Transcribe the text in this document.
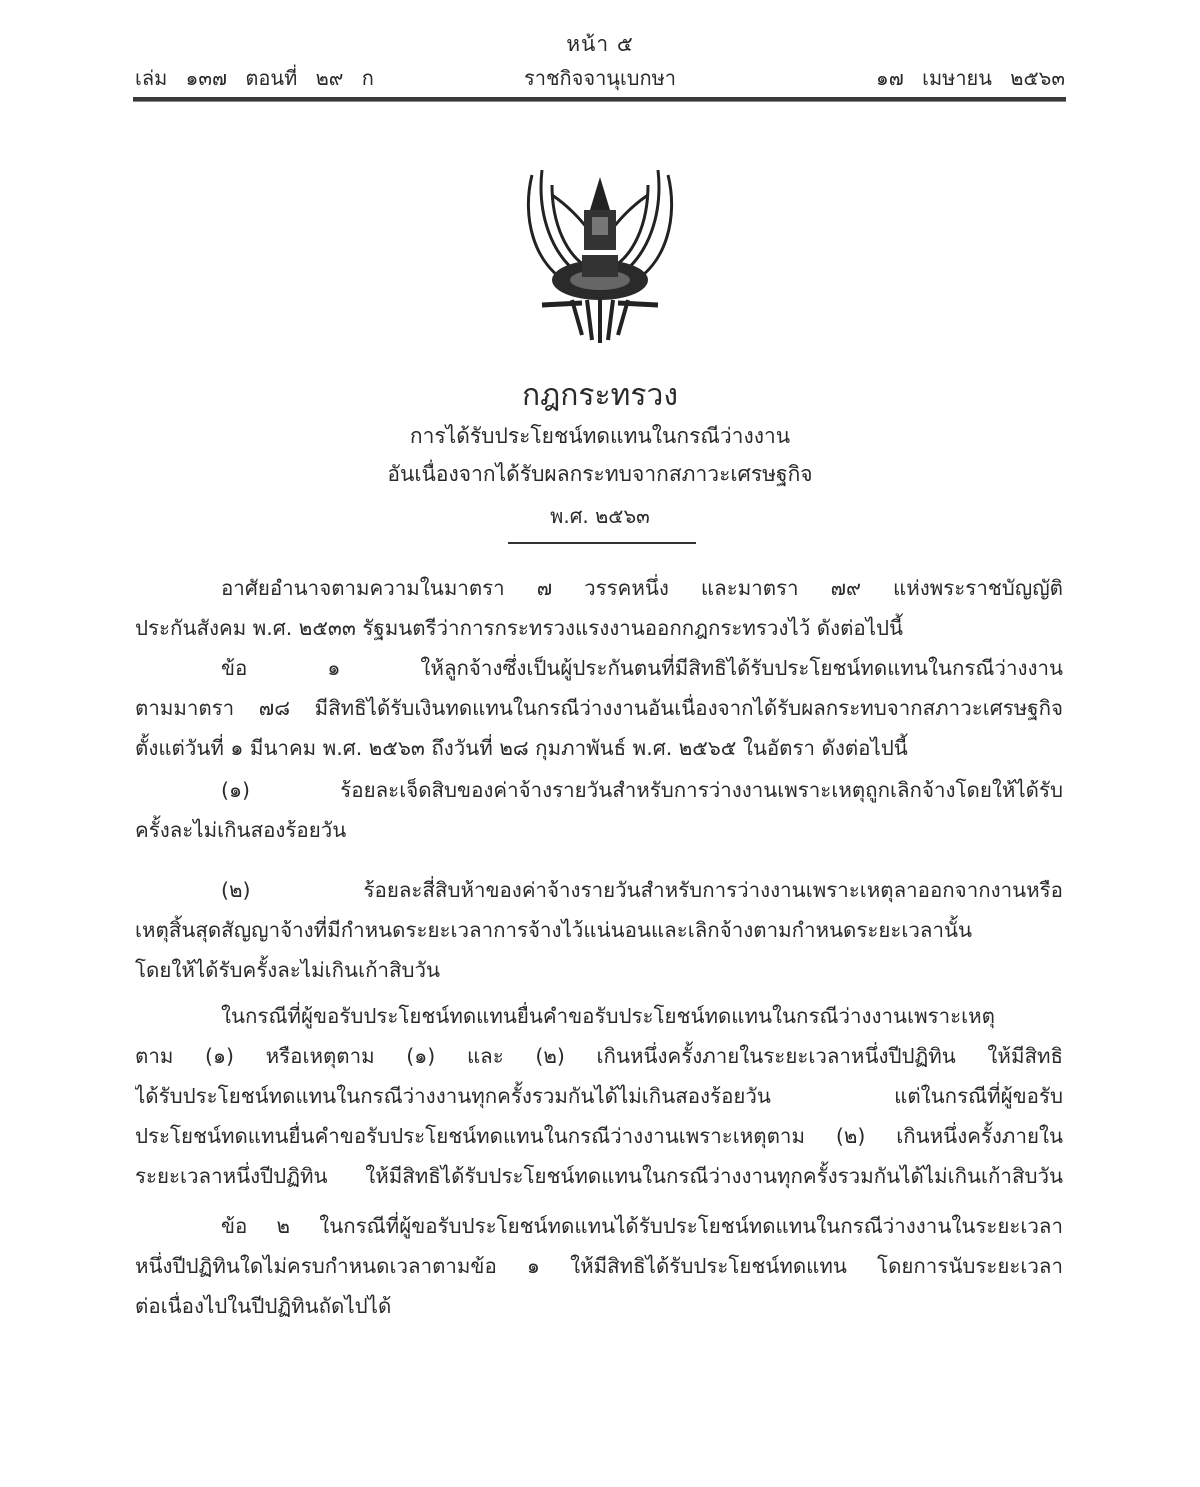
หน้า ๕
เล่ม ๑๓๗ ตอนที่ ๒๙ ก	ราชกิจจานุเบกษา	๑๗ เมษายน ๒๕๖๓
กฎกระทรวง
การได้รับประโยชน์ทดแทนในกรณีว่างงาน
อันเนื่องจากได้รับผลกระทบจากสภาวะเศรษฐกิจ
พ.ศ. ๒๕๖๓
อาศัยอำนาจตามความในมาตรา ๗ วรรคหนึ่ง และมาตรา ๗๙ แห่งพระราชบัญญัติ
ประกันสังคม พ.ศ. ๒๕๓๓ รัฐมนตรีว่าการกระทรวงแรงงานออกกฎกระทรวงไว้ ดังต่อไปนี้
ข้อ ๑ ให้ลูกจ้างซึ่งเป็นผู้ประกันตนที่มีสิทธิได้รับประโยชน์ทดแทนในกรณีว่างงาน
ตามมาตรา ๗๘ มีสิทธิได้รับเงินทดแทนในกรณีว่างงานอันเนื่องจากได้รับผลกระทบจากสภาวะเศรษฐกิจ
ตั้งแต่วันที่ ๑ มีนาคม พ.ศ. ๒๕๖๓ ถึงวันที่ ๒๘ กุมภาพันธ์ พ.ศ. ๒๕๖๕ ในอัตรา ดังต่อไปนี้
(๑) ร้อยละเจ็ดสิบของค่าจ้างรายวันสำหรับการว่างงานเพราะเหตุถูกเลิกจ้างโดยให้ได้รับ
ครั้งละไม่เกินสองร้อยวัน
(๒) ร้อยละสี่สิบห้าของค่าจ้างรายวันสำหรับการว่างงานเพราะเหตุลาออกจากงานหรือ
เหตุสิ้นสุดสัญญาจ้างที่มีกำหนดระยะเวลาการจ้างไว้แน่นอนและเลิกจ้างตามกำหนดระยะเวลานั้น
โดยให้ได้รับครั้งละไม่เกินเก้าสิบวัน
ในกรณีที่ผู้ขอรับประโยชน์ทดแทนยื่นคำขอรับประโยชน์ทดแทนในกรณีว่างงานเพราะเหตุ
ตาม (๑) หรือเหตุตาม (๑) และ (๒) เกินหนึ่งครั้งภายในระยะเวลาหนึ่งปีปฏิทิน ให้มีสิทธิ
ได้รับประโยชน์ทดแทนในกรณีว่างงานทุกครั้งรวมกันได้ไม่เกินสองร้อยวัน แต่ในกรณีที่ผู้ขอรับ
ประโยชน์ทดแทนยื่นคำขอรับประโยชน์ทดแทนในกรณีว่างงานเพราะเหตุตาม (๒) เกินหนึ่งครั้งภายใน
ระยะเวลาหนึ่งปีปฏิทิน ให้มีสิทธิได้รับประโยชน์ทดแทนในกรณีว่างงานทุกครั้งรวมกันได้ไม่เกินเก้าสิบวัน
ข้อ ๒ ในกรณีที่ผู้ขอรับประโยชน์ทดแทนได้รับประโยชน์ทดแทนในกรณีว่างงานในระยะเวลา
หนึ่งปีปฏิทินใดไม่ครบกำหนดเวลาตามข้อ ๑ ให้มีสิทธิได้รับประโยชน์ทดแทน โดยการนับระยะเวลา
ต่อเนื่องไปในปีปฏิทินถัดไปได้
